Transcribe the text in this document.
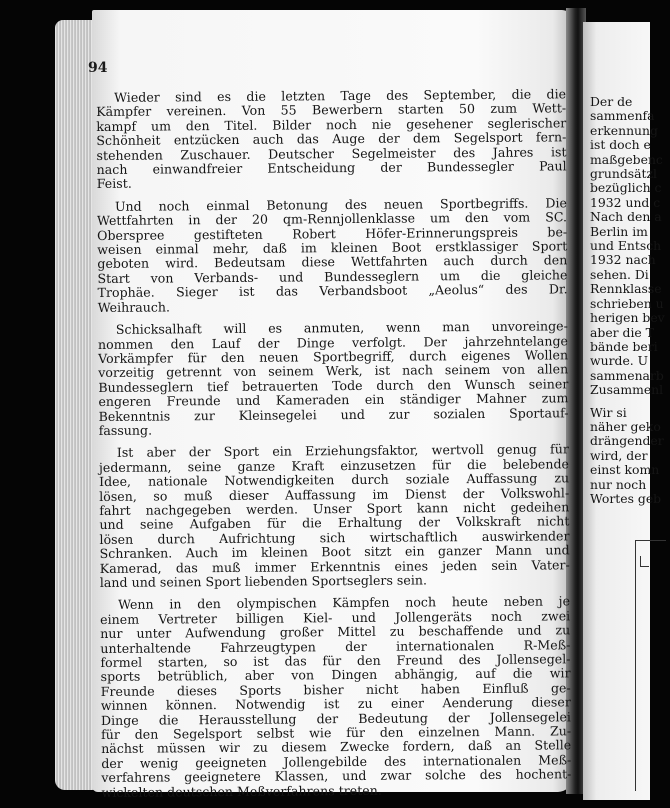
94
Wieder sind es die letzten Tage des September, die die
Kämpfer vereinen. Von 55 Bewerbern starten 50 zum Wett-
kampf um den Titel. Bilder noch nie gesehener seglerischer
Schönheit entzücken auch das Auge der dem Segelsport fern-
stehenden Zuschauer. Deutscher Segelmeister des Jahres ist
nach einwandfreier Entscheidung der Bundessegler Paul
Feist.
Und noch einmal Betonung des neuen Sportbegriffs. Die
Wettfahrten in der 20 qm-Rennjollenklasse um den vom SC.
Oberspree gestifteten Robert Höfer-Erinnerungspreis be-
weisen einmal mehr, daß im kleinen Boot erstklassiger Sport
geboten wird. Bedeutsam diese Wettfahrten auch durch den
Start von Verbands- und Bundesseglern um die gleiche
Trophäe. Sieger ist das Verbandsboot „Aeolus“ des Dr.
Weihrauch.
Schicksalhaft will es anmuten, wenn man unvoreinge-
nommen den Lauf der Dinge verfolgt. Der jahrzehntelange
Vorkämpfer für den neuen Sportbegriff, durch eigenes Wollen
vorzeitig getrennt von seinem Werk, ist nach seinem von allen
Bundesseglern tief betrauerten Tode durch den Wunsch seiner
engeren Freunde und Kameraden ein ständiger Mahner zum
Bekenntnis zur Kleinsegelei und zur sozialen Sportauf-
fassung.
Ist aber der Sport ein Erziehungsfaktor, wertvoll genug für
jedermann, seine ganze Kraft einzusetzen für die belebende
Idee, nationale Notwendigkeiten durch soziale Auffassung zu
lösen, so muß dieser Auffassung im Dienst der Volkswohl-
fahrt nachgegeben werden. Unser Sport kann nicht gedeihen
und seine Aufgaben für die Erhaltung der Volkskraft nicht
lösen durch Aufrichtung sich wirtschaftlich auswirkender
Schranken. Auch im kleinen Boot sitzt ein ganzer Mann und
Kamerad, das muß immer Erkenntnis eines jeden sein Vater-
land und seinen Sport liebenden Sportseglers sein.
Wenn in den olympischen Kämpfen noch heute neben je
einem Vertreter billigen Kiel- und Jollengeräts noch zwei
nur unter Aufwendung großer Mittel zu beschaffende und zu
unterhaltende Fahrzeugtypen der internationalen R-Meß-
formel starten, so ist das für den Freund des Jollensegel-
sports betrüblich, aber von Dingen abhängig, auf die wir
Freunde dieses Sports bisher nicht haben Einfluß ge-
winnen können. Notwendig ist zu einer Aenderung dieser
Dinge die Herausstellung der Bedeutung der Jollensegelei
für den Segelsport selbst wie für den einzelnen Mann. Zu-
nächst müssen wir zu diesem Zwecke fordern, daß an Stelle
der wenig geeigneten Jollengebilde des internationalen Meß-
verfahrens geeignetere Klassen, und zwar solche des hochent-
wickelten deutschen Meßverfahrens treten.
Der de
sammenfa
erkennung
ist doch e
maßgebenc
grundsätzl
bezüglich c
1932 und c
Nach den a
Berlin im
und Entsch
1932 nach
sehen. Di
Rennklasse
schrieben u
herigen bev
aber die T
bände beri
wurde. U
sammenarb
Zusammenl
Wir si
näher geko
drängender
wird, der
einst komn
nur noch
Wortes geb
